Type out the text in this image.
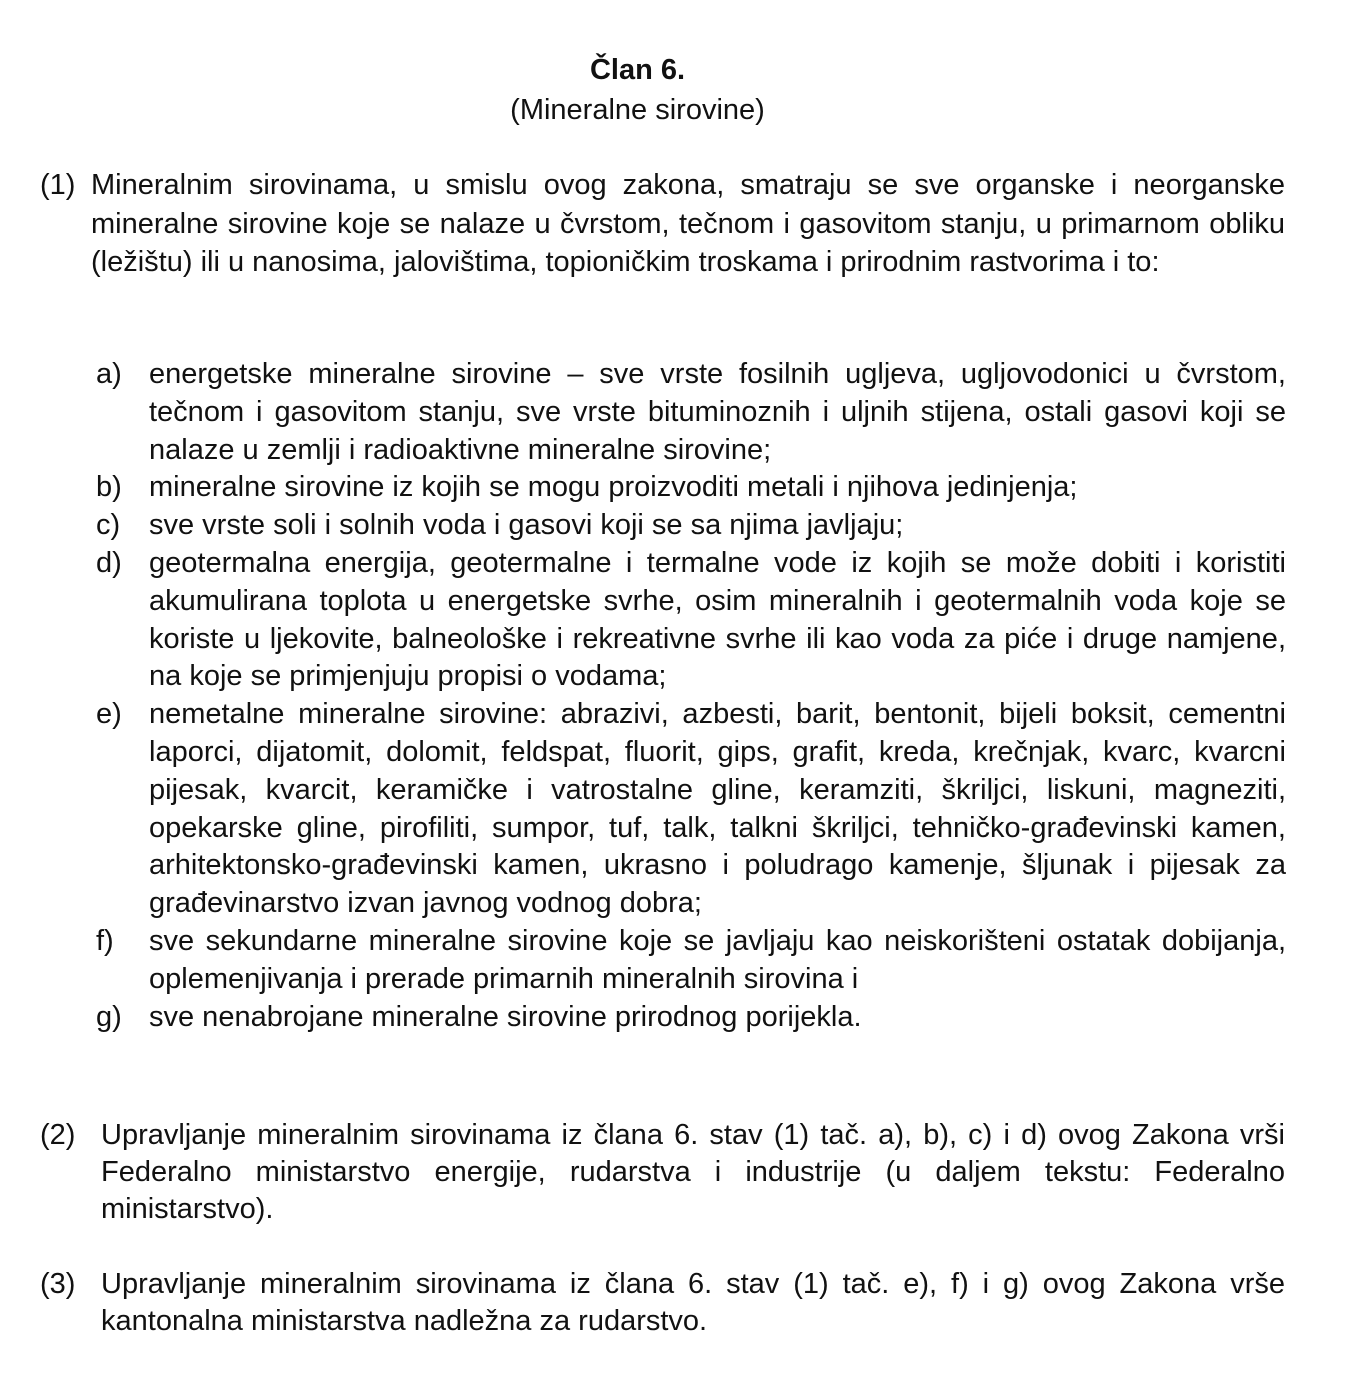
Član 6.
(Mineralne sirovine)
(1) Mineralnim sirovinama, u smislu ovog zakona, smatraju se sve organske i neorganske mineralne sirovine koje se nalaze u čvrstom, tečnom i gasovitom stanju, u primarnom obliku (ležištu) ili u nanosima, jalovištima, topioničkim troskama i prirodnim rastvorima i to:
a) energetske mineralne sirovine – sve vrste fosilnih ugljeva, ugljovodonici u čvrstom, tečnom i gasovitom stanju, sve vrste bituminoznih i uljnih stijena, ostali gasovi koji se nalaze u zemlji i radioaktivne mineralne sirovine;
b) mineralne sirovine iz kojih se mogu proizvoditi metali i njihova jedinjenja;
c) sve vrste soli i solnih voda i gasovi koji se sa njima javljaju;
d) geotermalna energija, geotermalne i termalne vode iz kojih se može dobiti i koristiti akumulirana toplota u energetske svrhe, osim mineralnih i geotermalnih voda koje se koriste u ljekovite, balneološke i rekreativne svrhe ili kao voda za piće i druge namjene, na koje se primjenjuju propisi o vodama;
e) nemetalne mineralne sirovine: abrazivi, azbesti, barit, bentonit, bijeli boksit, cementni laporci, dijatomit, dolomit, feldspat, fluorit, gips, grafit, kreda, krečnjak, kvarc, kvarcni pijesak, kvarcit, keramičke i vatrostalne gline, keramziti, škriljci, liskuni, magneziti, opekarske gline, pirofiliti, sumpor, tuf, talk, talkni škriljci, tehničko-građevinski kamen, arhitektonsko-građevinski kamen, ukrasno i poludrago kamenje, šljunak i pijesak za građevinarstvo izvan javnog vodnog dobra;
f) sve sekundarne mineralne sirovine koje se javljaju kao neiskorišteni ostatak dobijanja, oplemenjivanja i prerade primarnih mineralnih sirovina i
g) sve nenabrojane mineralne sirovine prirodnog porijekla.
(2) Upravljanje mineralnim sirovinama iz člana 6. stav (1) tač. a), b), c) i d) ovog Zakona vrši Federalno ministarstvo energije, rudarstva i industrije (u daljem tekstu: Federalno ministarstvo).
(3) Upravljanje mineralnim sirovinama iz člana 6. stav (1) tač. e), f) i g) ovog Zakona vrše kantonalna ministarstva nadležna za rudarstvo.
